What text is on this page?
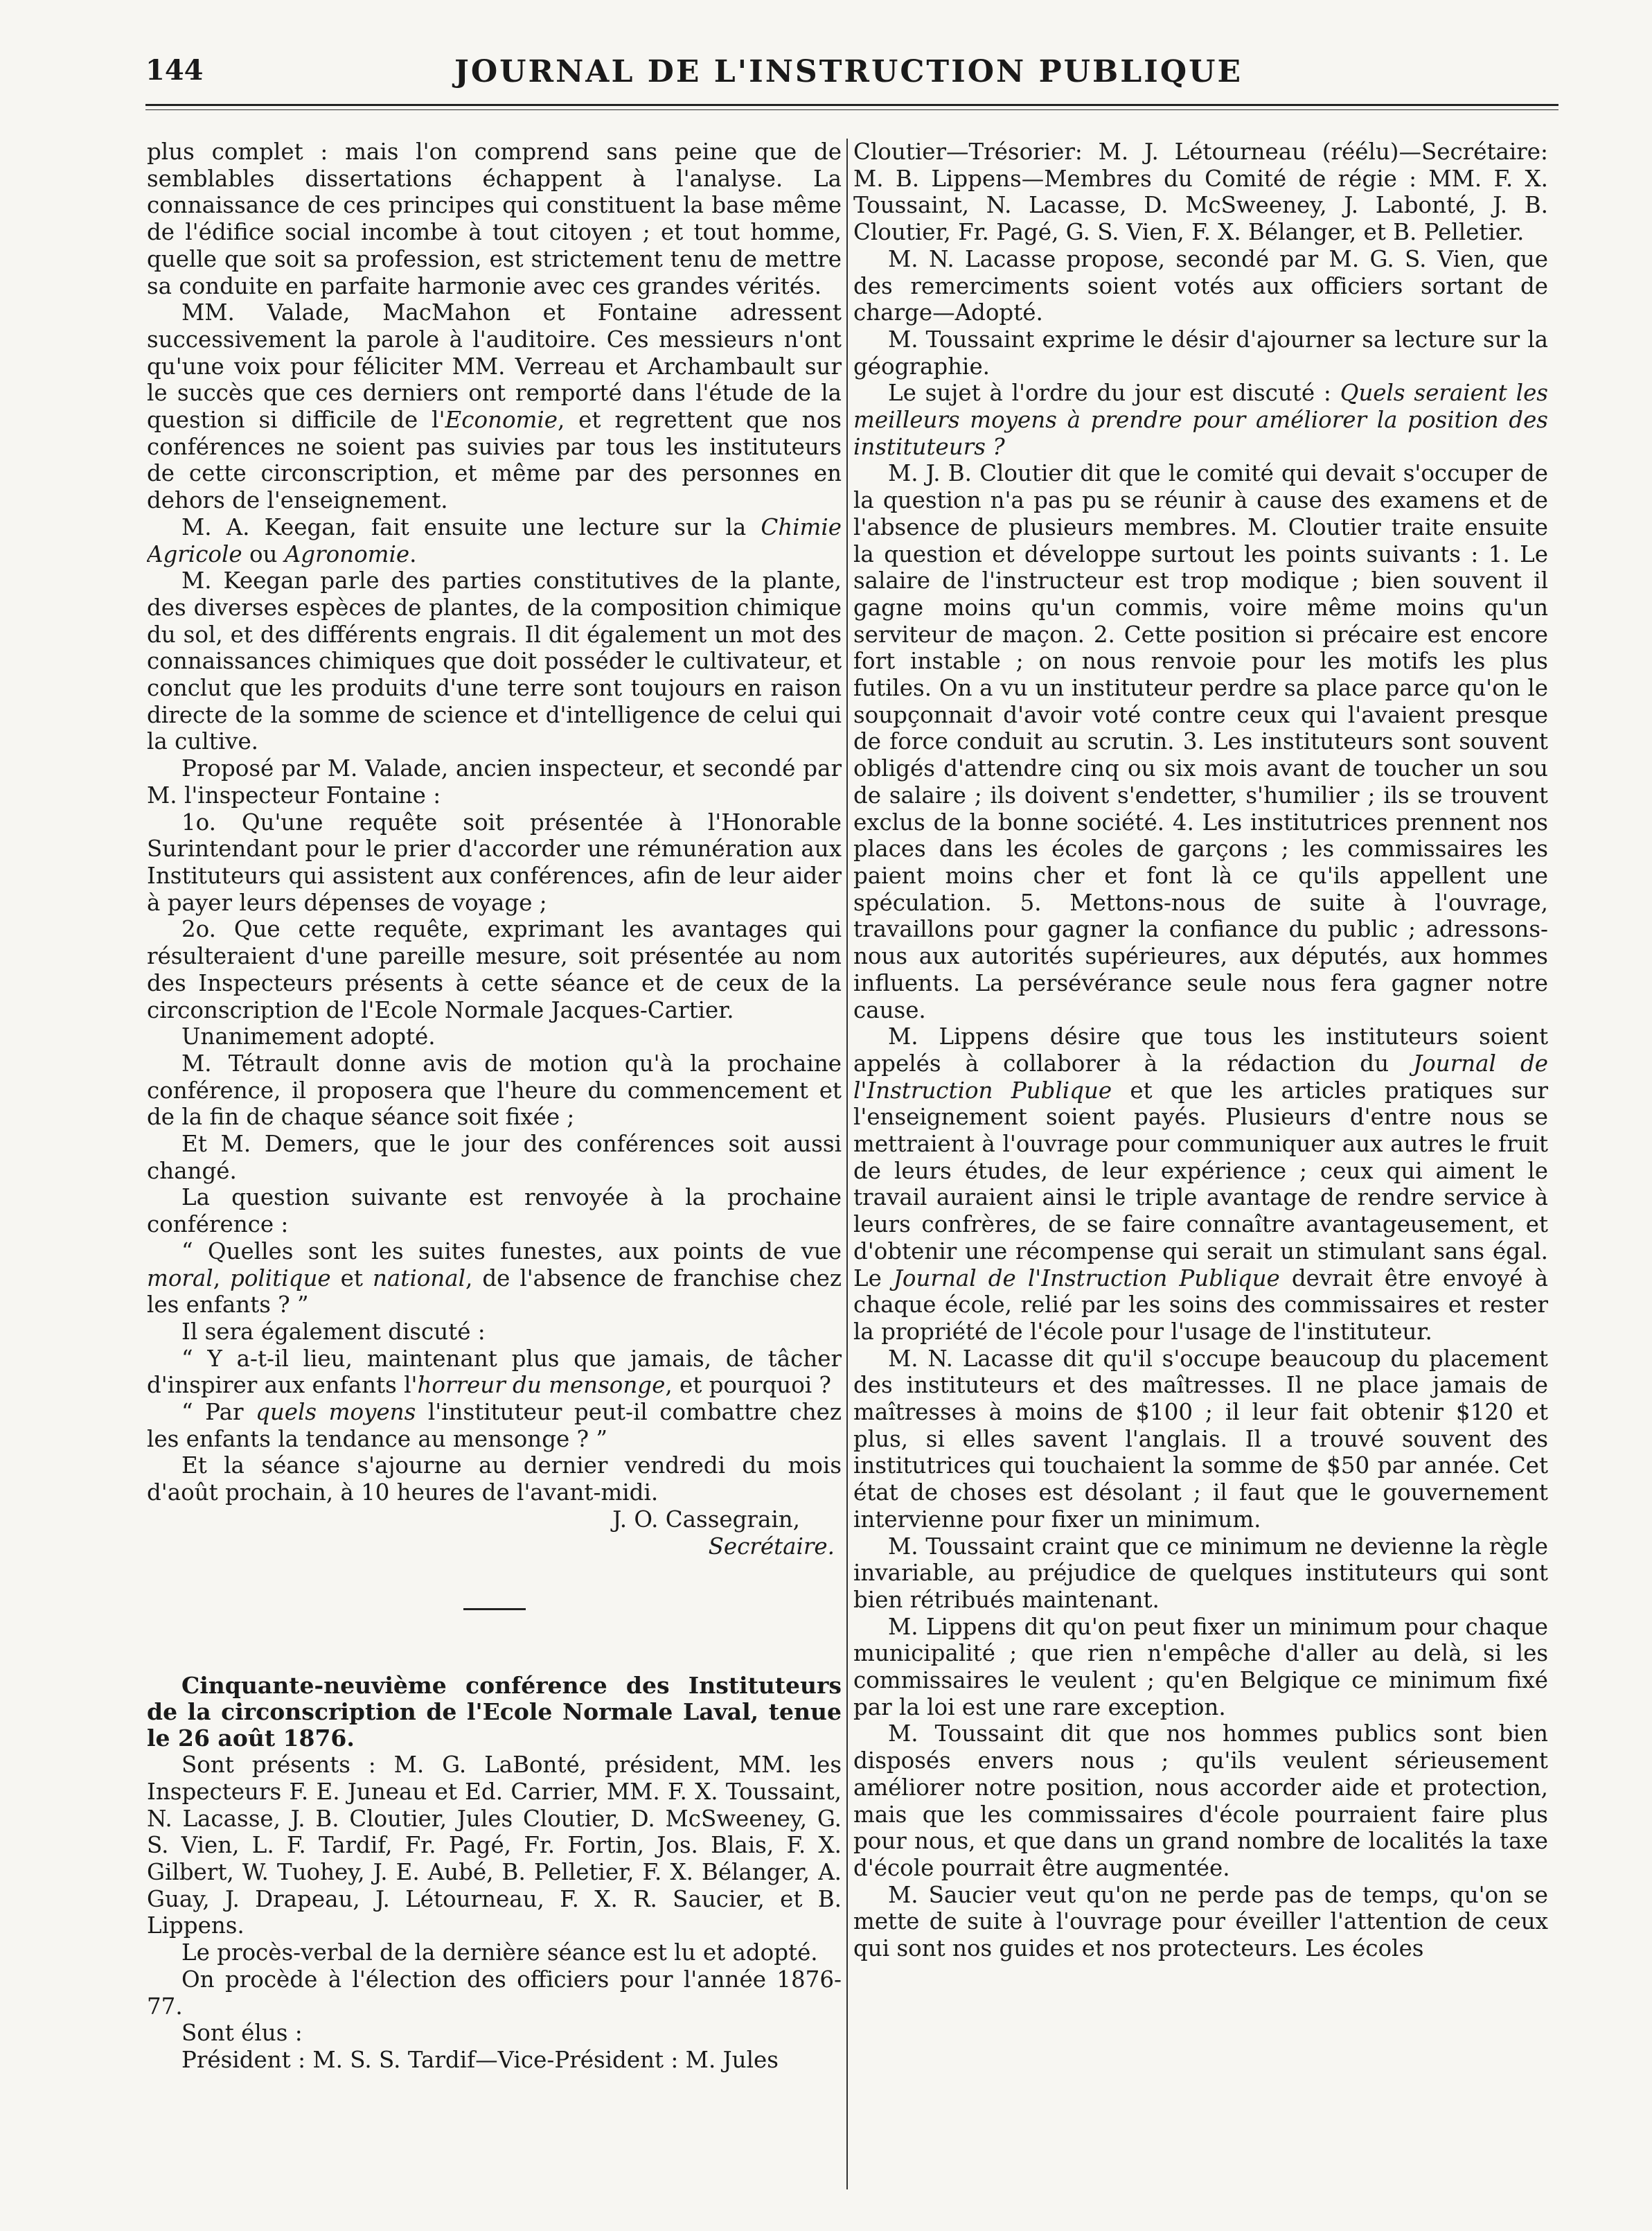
144	JOURNAL DE L'INSTRUCTION PUBLIQUE

plus complet : mais l'on comprend sans peine que de semblables dissertations échappent à l'analyse. La connaissance de ces principes qui constituent la base même de l'édifice social incombe à tout citoyen ; et tout homme, quelle que soit sa profession, est strictement tenu de mettre sa conduite en parfaite harmonie avec ces grandes vérités.

MM. Valade, MacMahon et Fontaine adressent successivement la parole à l'auditoire. Ces messieurs n'ont qu'une voix pour féliciter MM. Verreau et Archambault sur le succès que ces derniers ont remporté dans l'étude de la question si difficile de l'Economie, et regrettent que nos conférences ne soient pas suivies par tous les instituteurs de cette circonscription, et même par des personnes en dehors de l'enseignement.

M. A. Keegan, fait ensuite une lecture sur la Chimie Agricole ou Agronomie.

M. Keegan parle des parties constitutives de la plante, des diverses espèces de plantes, de la composition chimique du sol, et des différents engrais. Il dit également un mot des connaissances chimiques que doit posséder le cultivateur, et conclut que les produits d'une terre sont toujours en raison directe de la somme de science et d'intelligence de celui qui la cultive.

Proposé par M. Valade, ancien inspecteur, et secondé par M. l'inspecteur Fontaine :

1o. Qu'une requête soit présentée à l'Honorable Surintendant pour le prier d'accorder une rémunération aux Instituteurs qui assistent aux conférences, afin de leur aider à payer leurs dépenses de voyage ;

2o. Que cette requête, exprimant les avantages qui résulteraient d'une pareille mesure, soit présentée au nom des Inspecteurs présents à cette séance et de ceux de la circonscription de l'Ecole Normale Jacques-Cartier.

Unanimement adopté.

M. Tétrault donne avis de motion qu'à la prochaine conférence, il proposera que l'heure du commencement et de la fin de chaque séance soit fixée ;

Et M. Demers, que le jour des conférences soit aussi changé.

La question suivante est renvoyée à la prochaine conférence :

“ Quelles sont les suites funestes, aux points de vue moral, politique et national, de l'absence de franchise chez les enfants ? ”

Il sera également discuté :

“ Y a-t-il lieu, maintenant plus que jamais, de tâcher d'inspirer aux enfants l'horreur du mensonge, et pourquoi ?

“ Par quels moyens l'instituteur peut-il combattre chez les enfants la tendance au mensonge ? ”

Et la séance s'ajourne au dernier vendredi du mois d'août prochain, à 10 heures de l'avant-midi.

J. O. Cassegrain,

Secrétaire.

Cinquante-neuvième conférence des Instituteurs de la circonscription de l'Ecole Normale Laval, tenue le 26 août 1876.

Sont présents : M. G. LaBonté, président, MM. les Inspecteurs F. E. Juneau et Ed. Carrier, MM. F. X. Toussaint, N. Lacasse, J. B. Cloutier, Jules Cloutier, D. McSweeney, G. S. Vien, L. F. Tardif, Fr. Pagé, Fr. Fortin, Jos. Blais, F. X. Gilbert, W. Tuohey, J. E. Aubé, B. Pelletier, F. X. Bélanger, A. Guay, J. Drapeau, J. Létourneau, F. X. R. Saucier, et B. Lippens.

Le procès-verbal de la dernière séance est lu et adopté.

On procède à l'élection des officiers pour l'année 1876-77.

Sont élus :

Président : M. S. S. Tardif—Vice-Président : M. Jules

Cloutier—Trésorier: M. J. Létourneau (réélu)—Secrétaire: M. B. Lippens—Membres du Comité de régie : MM. F. X. Toussaint, N. Lacasse, D. McSweeney, J. Labonté, J. B. Cloutier, Fr. Pagé, G. S. Vien, F. X. Bélanger, et B. Pelletier.

M. N. Lacasse propose, secondé par M. G. S. Vien, que des remerciments soient votés aux officiers sortant de charge—Adopté.

M. Toussaint exprime le désir d'ajourner sa lecture sur la géographie.

Le sujet à l'ordre du jour est discuté : Quels seraient les meilleurs moyens à prendre pour améliorer la position des instituteurs ?

M. J. B. Cloutier dit que le comité qui devait s'occuper de la question n'a pas pu se réunir à cause des examens et de l'absence de plusieurs membres. M. Cloutier traite ensuite la question et développe surtout les points suivants : 1. Le salaire de l'instructeur est trop modique ; bien souvent il gagne moins qu'un commis, voire même moins qu'un serviteur de maçon. 2. Cette position si précaire est encore fort instable ; on nous renvoie pour les motifs les plus futiles. On a vu un instituteur perdre sa place parce qu'on le soupçonnait d'avoir voté contre ceux qui l'avaient presque de force conduit au scrutin. 3. Les instituteurs sont souvent obligés d'attendre cinq ou six mois avant de toucher un sou de salaire ; ils doivent s'endetter, s'humilier ; ils se trouvent exclus de la bonne société. 4. Les institutrices prennent nos places dans les écoles de garçons ; les commissaires les paient moins cher et font là ce qu'ils appellent une spéculation. 5. Mettons-nous de suite à l'ouvrage, travaillons pour gagner la confiance du public ; adressons-nous aux autorités supérieures, aux députés, aux hommes influents. La persévérance seule nous fera gagner notre cause.

M. Lippens désire que tous les instituteurs soient appelés à collaborer à la rédaction du Journal de l'Instruction Publique et que les articles pratiques sur l'enseignement soient payés. Plusieurs d'entre nous se mettraient à l'ouvrage pour communiquer aux autres le fruit de leurs études, de leur expérience ; ceux qui aiment le travail auraient ainsi le triple avantage de rendre service à leurs confrères, de se faire connaître avantageusement, et d'obtenir une récompense qui serait un stimulant sans égal. Le Journal de l'Instruction Publique devrait être envoyé à chaque école, relié par les soins des commissaires et rester la propriété de l'école pour l'usage de l'instituteur.

M. N. Lacasse dit qu'il s'occupe beaucoup du placement des instituteurs et des maîtresses. Il ne place jamais de maîtresses à moins de $100 ; il leur fait obtenir $120 et plus, si elles savent l'anglais. Il a trouvé souvent des institutrices qui touchaient la somme de $50 par année. Cet état de choses est désolant ; il faut que le gouvernement intervienne pour fixer un minimum.

M. Toussaint craint que ce minimum ne devienne la règle invariable, au préjudice de quelques instituteurs qui sont bien rétribués maintenant.

M. Lippens dit qu'on peut fixer un minimum pour chaque municipalité ; que rien n'empêche d'aller au delà, si les commissaires le veulent ; qu'en Belgique ce minimum fixé par la loi est une rare exception.

M. Toussaint dit que nos hommes publics sont bien disposés envers nous ; qu'ils veulent sérieusement améliorer notre position, nous accorder aide et protection, mais que les commissaires d'école pourraient faire plus pour nous, et que dans un grand nombre de localités la taxe d'école pourrait être augmentée.

M. Saucier veut qu'on ne perde pas de temps, qu'on se mette de suite à l'ouvrage pour éveiller l'attention de ceux qui sont nos guides et nos protecteurs. Les écoles
